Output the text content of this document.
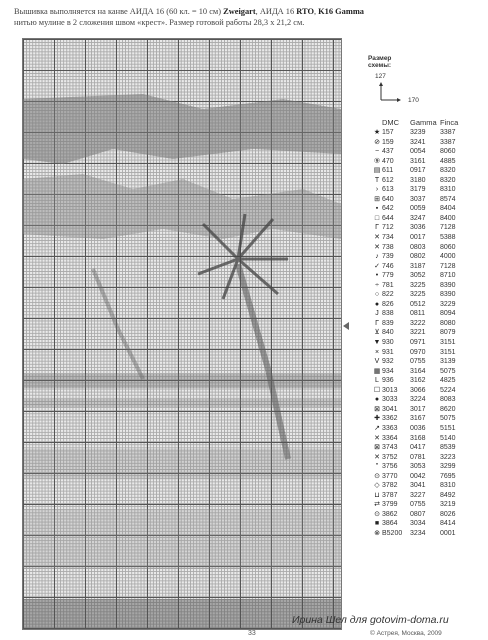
Вышивка выполняется на канве АИДА 16 (60 кл. = 10 см) Zweigart, АИДА 16 RTO, K16 Gamma
нитью мулине в 2 сложения швом «крест». Размер готовой работы 28,3 x 21,2 см.
Размер
схемы:
127
170
DMC	Gamma Finca
★ 157	3239	3387
⊘ 159	3241	3387
− 437	0054	8060
⑨ 470	3161	4885
▤ 611	0917	8320
T 612	3180	8320
› 613	3179	8310
⊞ 640	3037	8574
▪ 642	0059	8404
□ 644	3247	8400
Г 712	3036	7128
✕ 734	0017	5388
✕ 738	0803	8060
♪ 739	0802	4000
✓ 746	3187	7128
• 779	3052	8710
÷ 781	3225	8390
○ 822	3225	8390
● 826	0512	3229
J 838	0811	8094
Г 839	3222	8080
⊻ 840	3221	8079
▼ 930	0971	3151
× 931	0970	3151
V 932	0755	3139
▦ 934	3164	5075
L 936	3162	4825
☐ 3013	3066	5224
● 3033	3224	8083
⊠ 3041	3017	8620
✚ 3362	3167	5075
↗ 3363	0036	5151
✕ 3364	3168	5140
⊠ 3743	0417	8539
✕ 3752	0781	3223
" 3756	3053	3299
⊙ 3770	0042	7695
◇ 3782	3041	8310
⊔ 3787	3227	8492
⇄ 3799	0755	3219
⊙ 3862	0807	8026
■ 3864	3034	8414
⊗ B5200	3234	0001
Ирина Шел для gotovim-doma.ru
33	© Астрея, Москва, 2009
